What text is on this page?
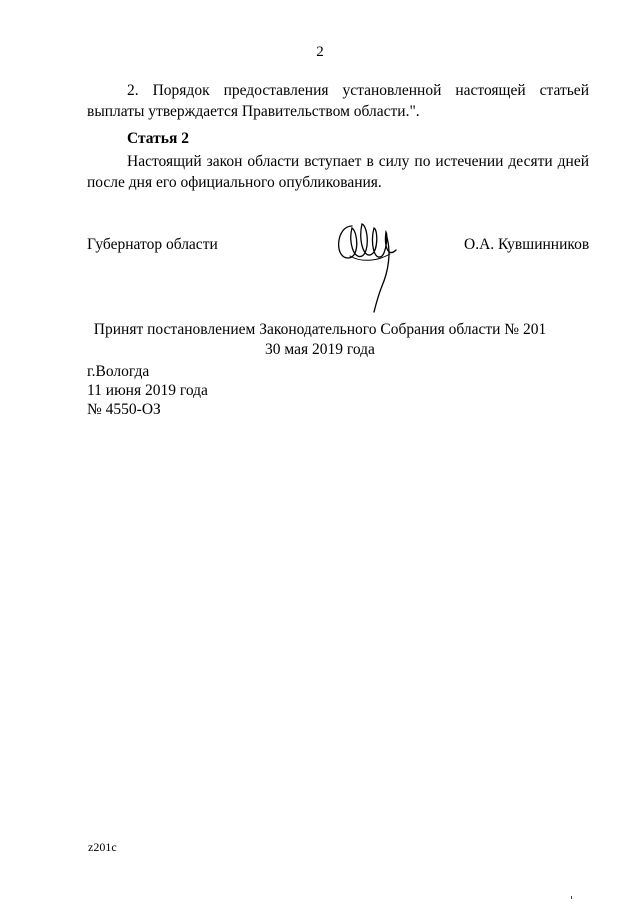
2
2. Порядок предоставления установленной настоящей статьей выплаты утверждается Правительством области.".
Статья 2
Настоящий закон области вступает в силу по истечении десяти дней после дня его официального опубликования.
Губернатор области	О.А. Кувшинников
Принят постановлением Законодательного Собрания области № 201
30 мая 2019 года
г.Вологда
11 июня 2019 года
№ 4550-ОЗ
z201c
